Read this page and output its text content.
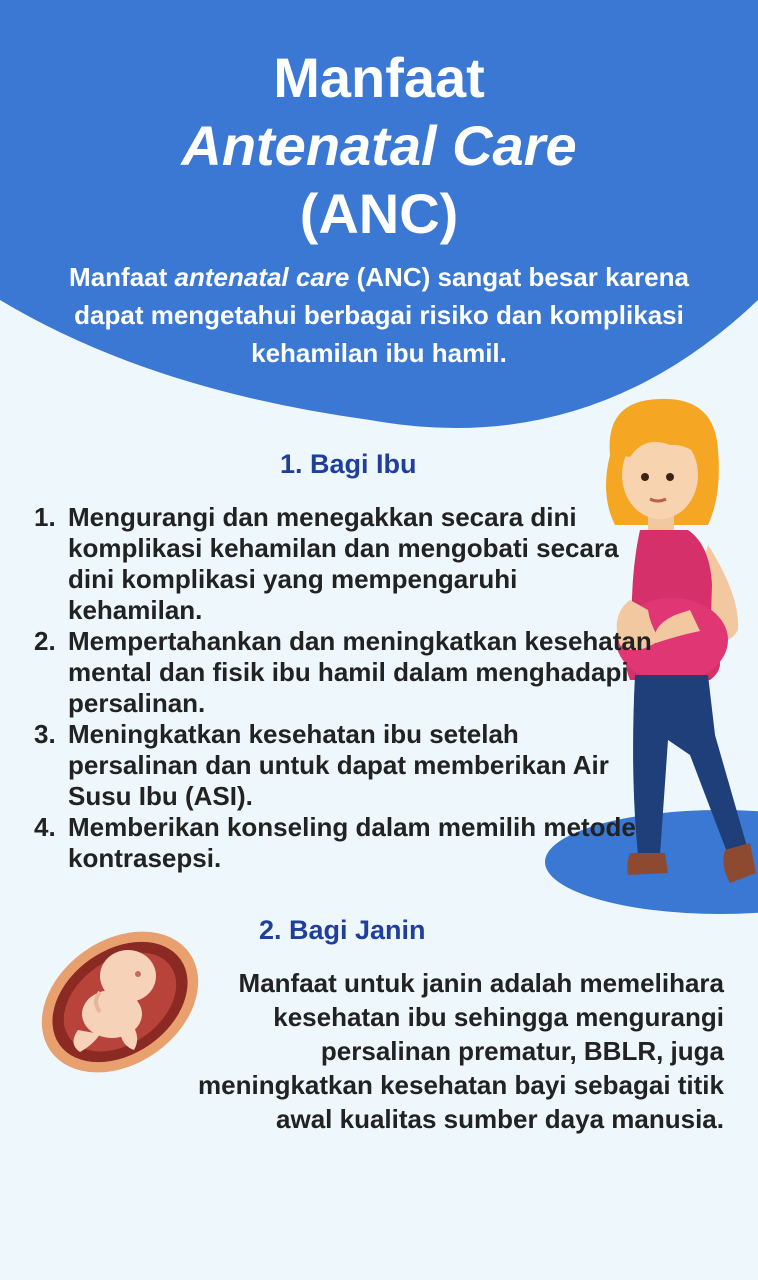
Manfaat
Antenatal Care
(ANC)

Manfaat antenatal care (ANC) sangat besar karena dapat mengetahui berbagai risiko dan komplikasi kehamilan ibu hamil.

1. Bagi Ibu
1. Mengurangi dan menegakkan secara dini komplikasi kehamilan dan mengobati secara dini komplikasi yang mempengaruhi kehamilan.
2. Mempertahankan dan meningkatkan kesehatan mental dan fisik ibu hamil dalam menghadapi persalinan.
3. Meningkatkan kesehatan ibu setelah persalinan dan untuk dapat memberikan Air Susu Ibu (ASI).
4. Memberikan konseling dalam memilih metode kontrasepsi.
2. Bagi Janin

Manfaat untuk janin adalah memelihara kesehatan ibu sehingga mengurangi persalinan prematur, BBLR, juga meningkatkan kesehatan bayi sebagai titik awal kualitas sumber daya manusia.
